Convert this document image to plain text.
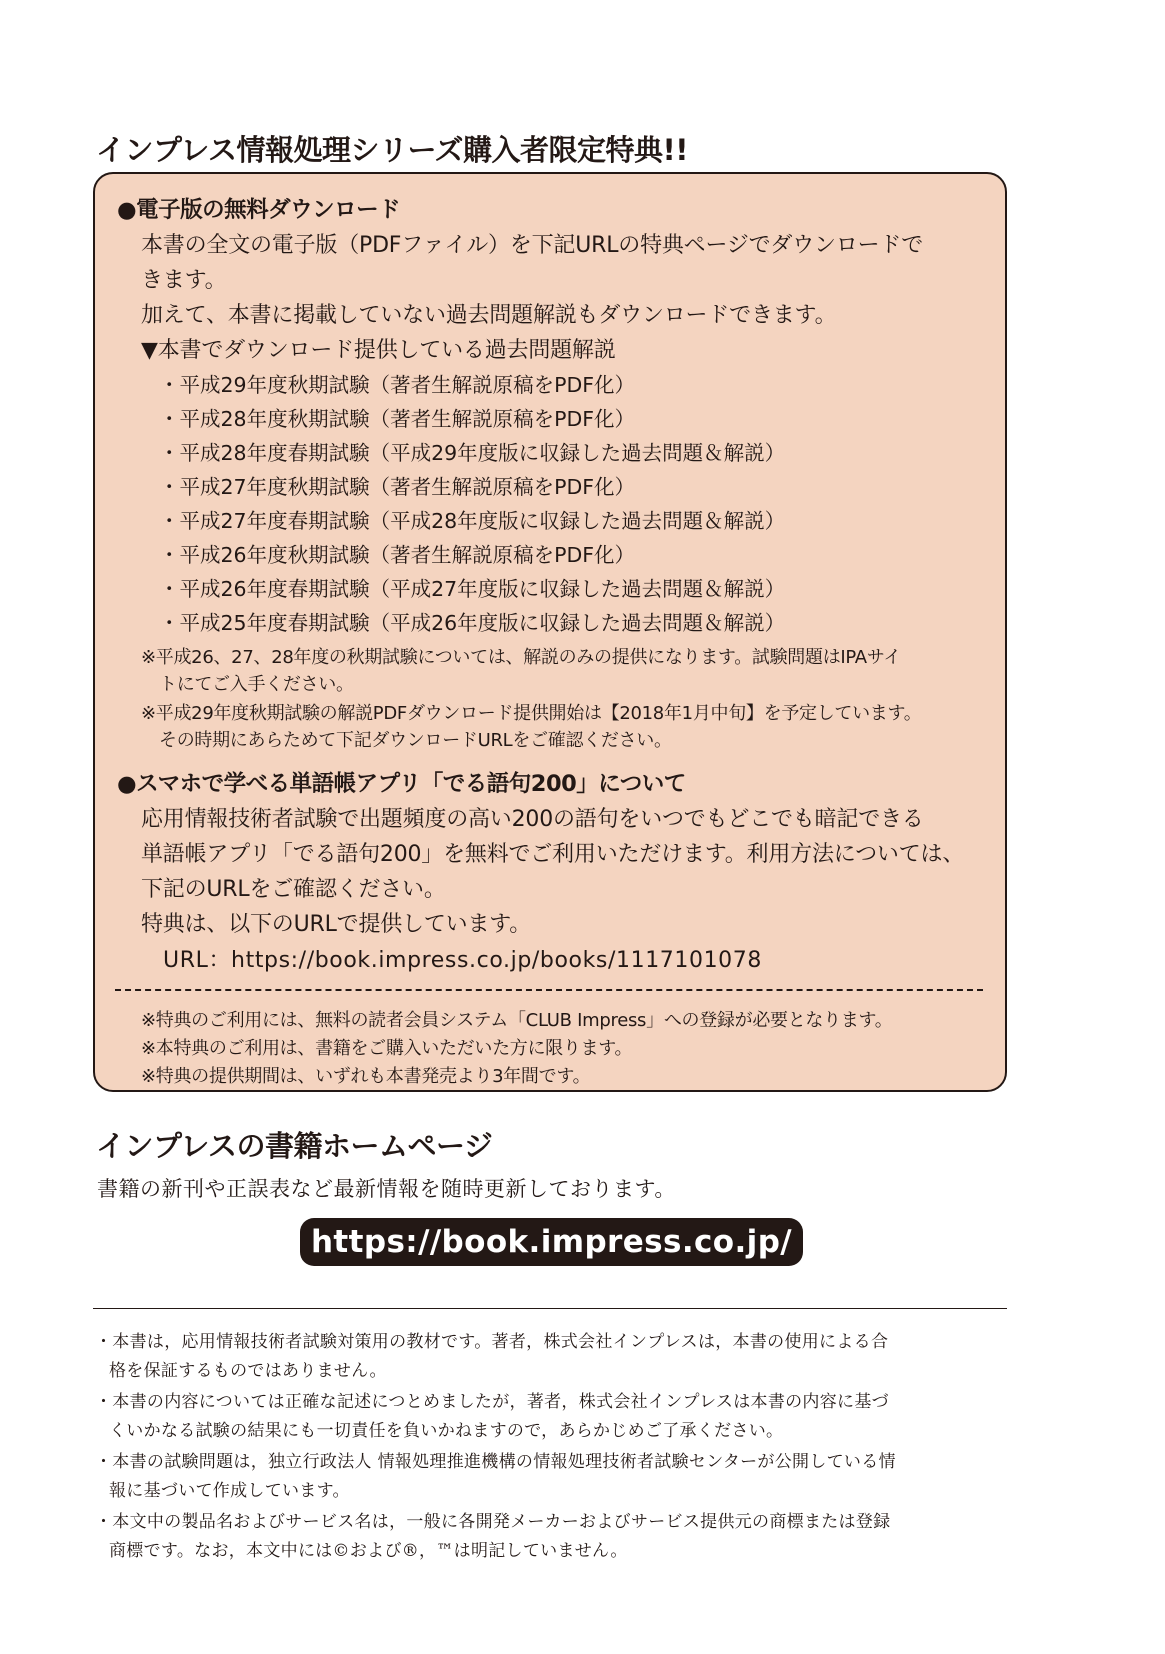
インプレス情報処理シリーズ購入者限定特典!!
●電子版の無料ダウンロード
本書の全文の電子版（PDFファイル）を下記URLの特典ページでダウンロードで
きます。
加えて、本書に掲載していない過去問題解説もダウンロードできます。
▼本書でダウンロード提供している過去問題解説
・平成29年度秋期試験（著者生解説原稿をPDF化）
・平成28年度秋期試験（著者生解説原稿をPDF化）
・平成28年度春期試験（平成29年度版に収録した過去問題＆解説）
・平成27年度秋期試験（著者生解説原稿をPDF化）
・平成27年度春期試験（平成28年度版に収録した過去問題＆解説）
・平成26年度秋期試験（著者生解説原稿をPDF化）
・平成26年度春期試験（平成27年度版に収録した過去問題＆解説）
・平成25年度春期試験（平成26年度版に収録した過去問題＆解説）
※平成26、27、28年度の秋期試験については、解説のみの提供になります。試験問題はIPAサイ
トにてご入手ください。
※平成29年度秋期試験の解説PDFダウンロード提供開始は【2018年1月中旬】を予定しています。
その時期にあらためて下記ダウンロードURLをご確認ください。
●スマホで学べる単語帳アプリ「でる語句200」について
応用情報技術者試験で出題頻度の高い200の語句をいつでもどこでも暗記できる
単語帳アプリ「でる語句200」を無料でご利用いただけます。利用方法については、
下記のURLをご確認ください。
特典は、以下のURLで提供しています。
URL：https://book.impress.co.jp/books/1117101078
※特典のご利用には、無料の読者会員システム「CLUB Impress」への登録が必要となります。
※本特典のご利用は、書籍をご購入いただいた方に限ります。
※特典の提供期間は、いずれも本書発売より3年間です。
インプレスの書籍ホームページ
書籍の新刊や正誤表など最新情報を随時更新しております。
https://book.impress.co.jp/
・本書は，応用情報技術者試験対策用の教材です。著者，株式会社インプレスは，本書の使用による合
格を保証するものではありません。
・本書の内容については正確な記述につとめましたが，著者，株式会社インプレスは本書の内容に基づ
くいかなる試験の結果にも一切責任を負いかねますので，あらかじめご了承ください。
・本書の試験問題は，独立行政法人 情報処理推進機構の情報処理技術者試験センターが公開している情
報に基づいて作成しています。
・本文中の製品名およびサービス名は，一般に各開発メーカーおよびサービス提供元の商標または登録
商標です。なお，本文中には©および®，™は明記していません。
